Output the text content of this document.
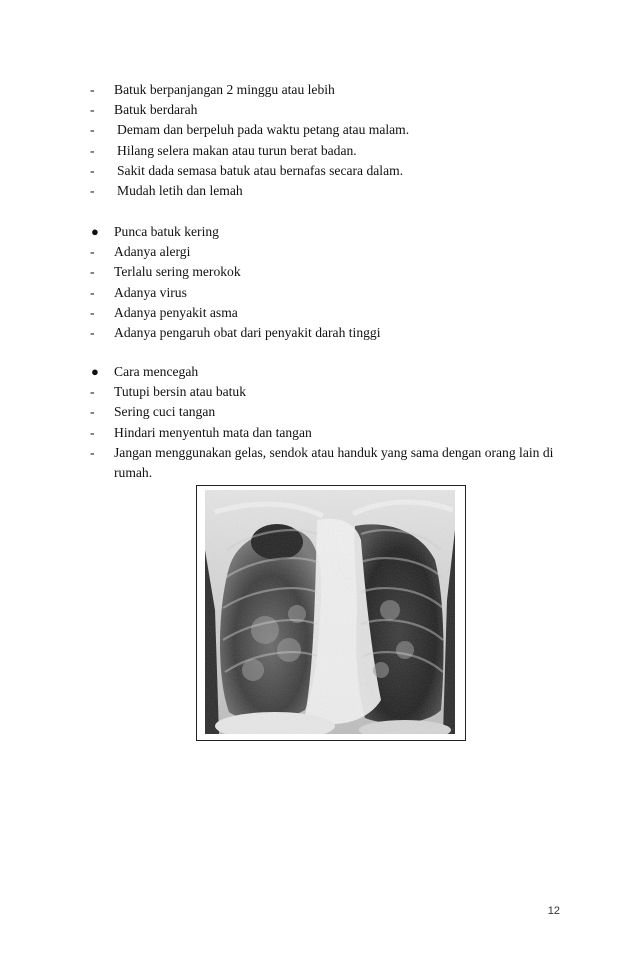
-	Batuk berpanjangan 2 minggu atau lebih
-	Batuk berdarah
-	Demam dan berpeluh pada waktu petang atau malam.
-	Hilang selera makan atau turun berat badan.
-	Sakit dada semasa batuk atau bernafas secara dalam.
-	Mudah letih dan lemah
●	Punca batuk kering
-	Adanya alergi
-	Terlalu sering merokok
-	Adanya virus
-	Adanya penyakit asma
-	Adanya pengaruh obat dari penyakit darah tinggi
●	Cara mencegah
-	Tutupi bersin atau batuk
-	Sering cuci tangan
-	Hindari menyentuh mata dan tangan
-	Jangan menggunakan gelas, sendok atau handuk yang sama dengan orang lain di rumah.
12
